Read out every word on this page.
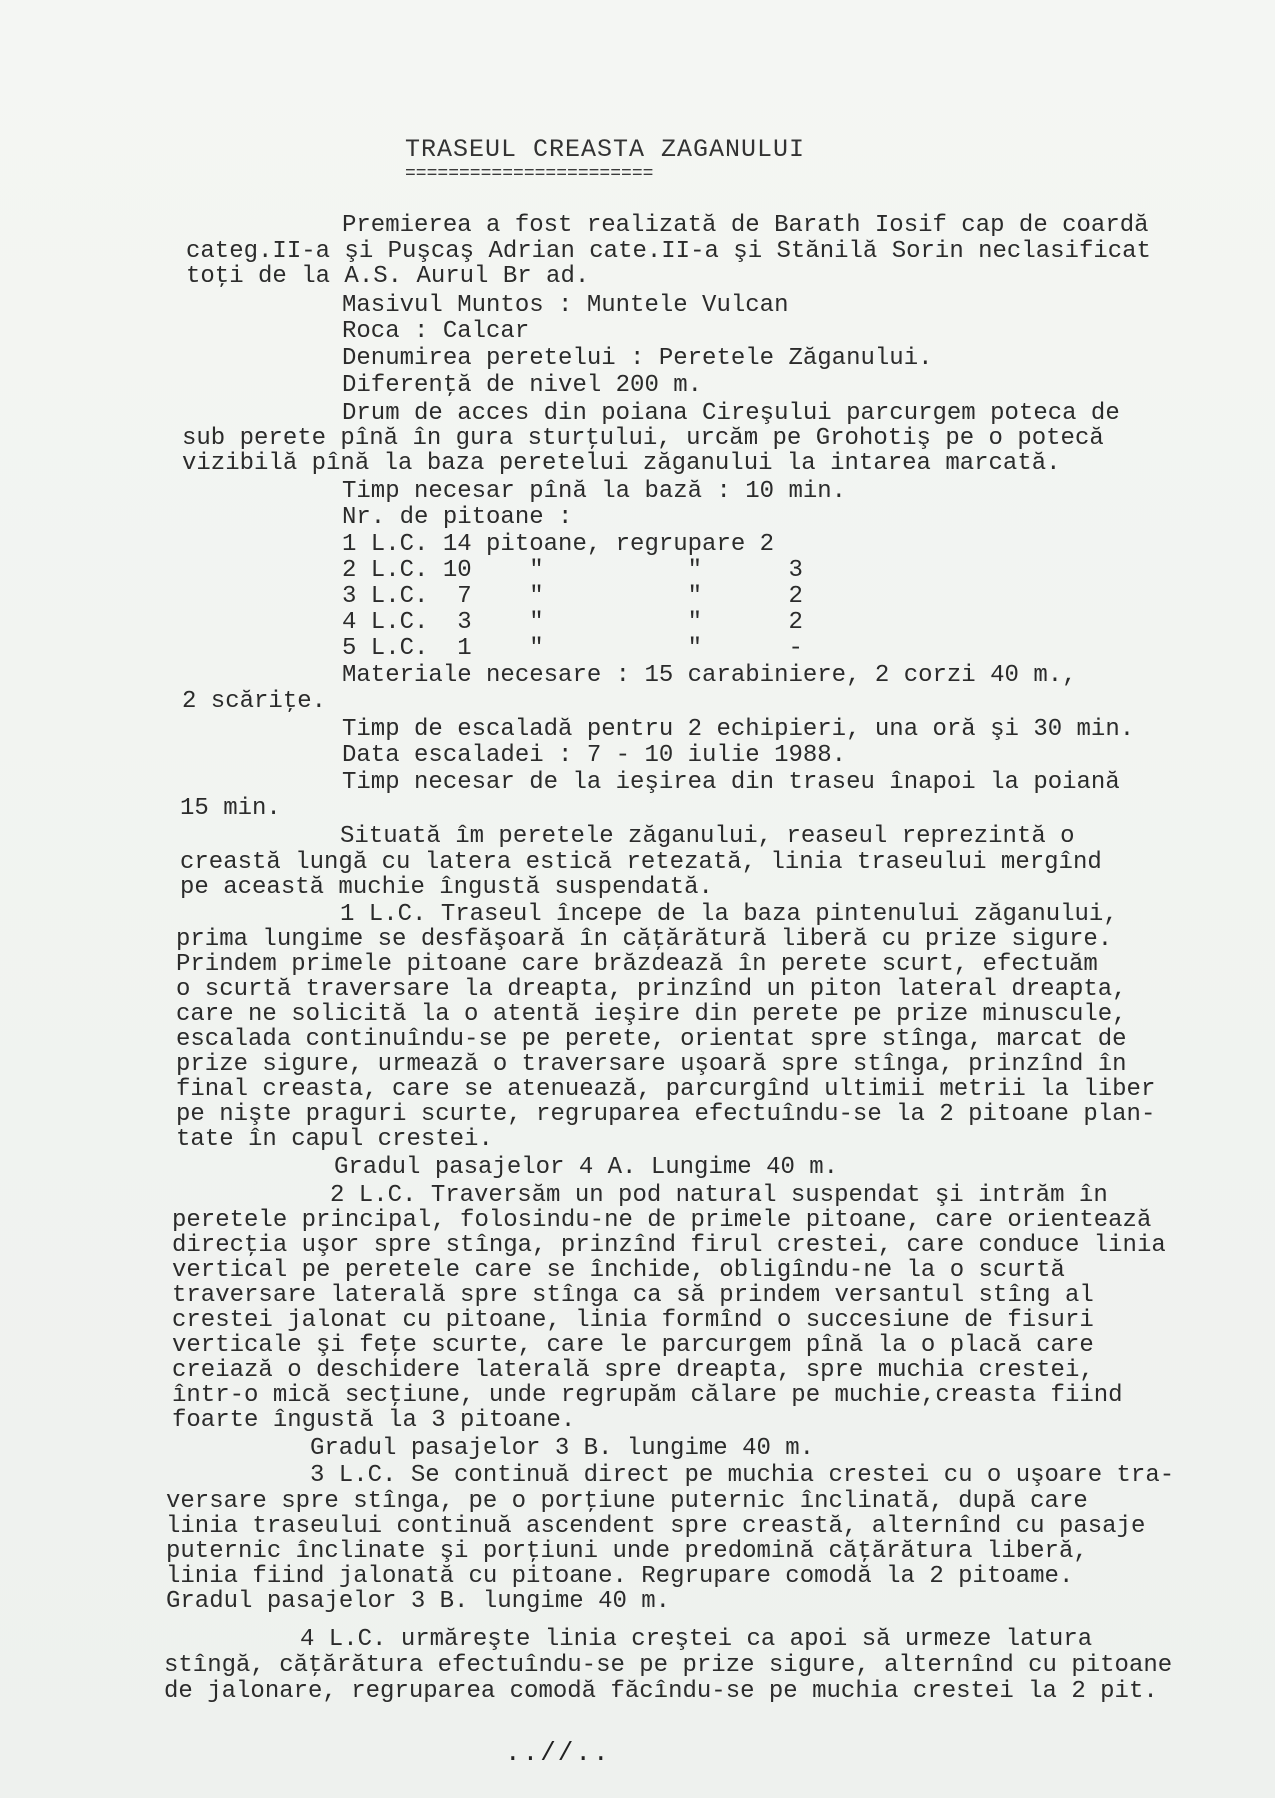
TRASEUL CREASTA ZAGANULUI
=======================
Premierea a fost realizată de Barath Iosif cap de coardă
categ.II-a şi Puşcaş Adrian cate.II-a şi Stănilă Sorin neclasificat
toţi de la A.S. Aurul Br ad.
Masivul Muntos : Muntele Vulcan
Roca : Calcar
Denumirea peretelui : Peretele Zăganului.
Diferenţă de nivel 200 m.
Drum de acces din poiana Cireşului parcurgem poteca de
sub perete pînă în gura sturţului, urcăm pe Grohotiş pe o potecă
vizibilă pînă la baza peretelui zăganului la intarea marcată.
Timp necesar pînă la bază : 10 min.
Nr. de pitoane :
1 L.C. 14 pitoane, regrupare 2
2 L.C. 10    "          "      3
3 L.C.  7    "          "      2
4 L.C.  3    "          "      2
5 L.C.  1    "          "      -
Materiale necesare : 15 carabiniere, 2 corzi 40 m.,
2 scăriţe.
Timp de escaladă pentru 2 echipieri, una oră şi 30 min.
Data escaladei : 7 - 10 iulie 1988.
Timp necesar de la ieşirea din traseu înapoi la poiană
15 min.
Situată îm peretele zăganului, reaseul reprezintă o
creastă lungă cu latera estică retezată, linia traseului mergînd
pe această muchie îngustă suspendată.
1 L.C. Traseul începe de la baza pintenului zăganului,
prima lungime se desfăşoară în căţărătură liberă cu prize sigure.
Prindem primele pitoane care brăzdează în perete scurt, efectuăm
o scurtă traversare la dreapta, prinzînd un piton lateral dreapta,
care ne solicită la o atentă ieşire din perete pe prize minuscule,
escalada continuîndu-se pe perete, orientat spre stînga, marcat de
prize sigure, urmează o traversare uşoară spre stînga, prinzînd în
final creasta, care se atenuează, parcurgînd ultimii metrii la liber
pe nişte praguri scurte, regruparea efectuîndu-se la 2 pitoane plan-
tate în capul crestei.
Gradul pasajelor 4 A. Lungime 40 m.
2 L.C. Traversăm un pod natural suspendat şi intrăm în
peretele principal, folosindu-ne de primele pitoane, care orientează
direcţia uşor spre stînga, prinzînd firul crestei, care conduce linia
vertical pe peretele care se închide, obligîndu-ne la o scurtă
traversare laterală spre stînga ca să prindem versantul stîng al
crestei jalonat cu pitoane, linia formînd o succesiune de fisuri
verticale şi feţe scurte, care le parcurgem pînă la o placă care
creiază o deschidere laterală spre dreapta, spre muchia crestei,
într-o mică secţiune, unde regrupăm călare pe muchie,creasta fiind
foarte îngustă la 3 pitoane.
Gradul pasajelor 3 B. lungime 40 m.
3 L.C. Se continuă direct pe muchia crestei cu o uşoare tra-
versare spre stînga, pe o porţiune puternic înclinată, după care
linia traseului continuă ascendent spre creastă, alternînd cu pasaje
puternic înclinate şi porţiuni unde predomină căţărătura liberă,
linia fiind jalonată cu pitoane. Regrupare comodă la 2 pitoame.
Gradul pasajelor 3 B. lungime 40 m.
4 L.C. urmăreşte linia creştei ca apoi să urmeze latura
stîngă, căţărătura efectuîndu-se pe prize sigure, alternînd cu pitoane
de jalonare, regruparea comodă făcîndu-se pe muchia crestei la 2 pit.
..//..
